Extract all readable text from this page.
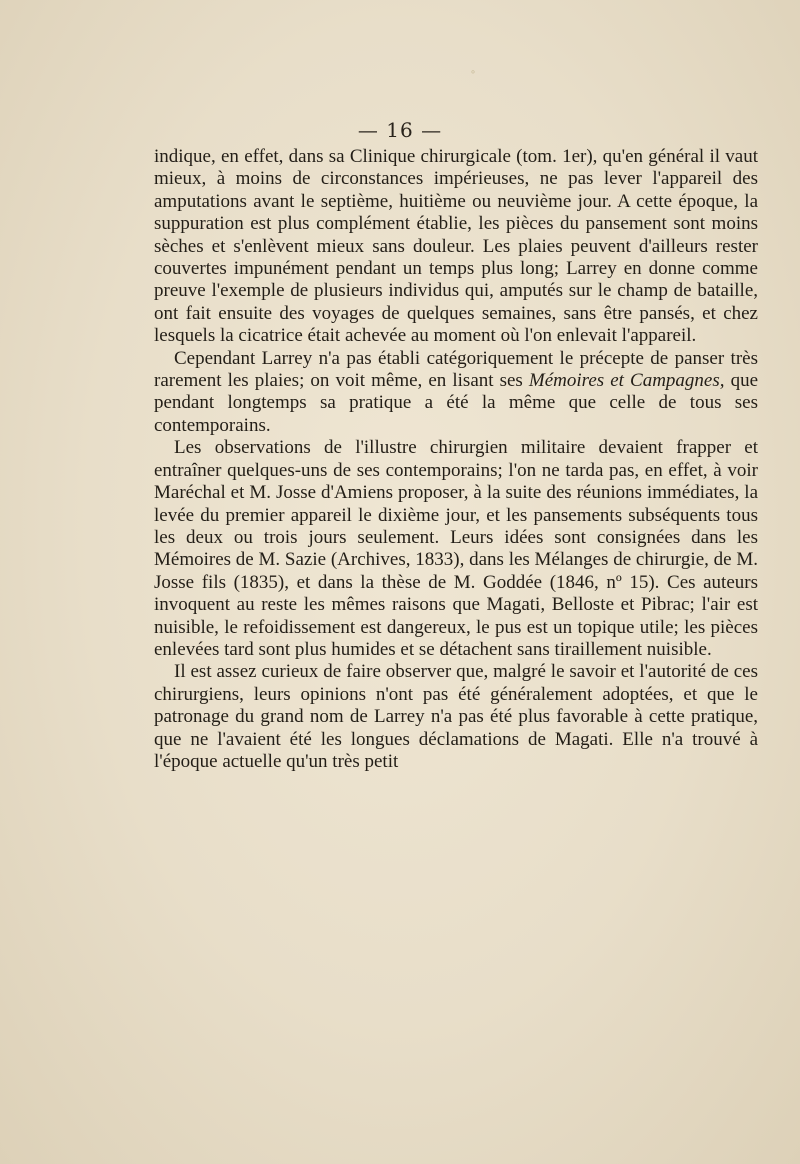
˚
— 16 —

indique, en effet, dans sa Clinique chirurgicale (tom. 1er), qu'en général il vaut mieux, à moins de circonstances impérieuses, ne pas lever l'appareil des amputations avant le septième, huitième ou neuvième jour. A cette époque, la suppuration est plus complément établie, les pièces du pansement sont moins sèches et s'enlèvent mieux sans douleur. Les plaies peuvent d'ailleurs rester couvertes impunément pendant un temps plus long; Larrey en donne comme preuve l'exemple de plusieurs individus qui, amputés sur le champ de bataille, ont fait ensuite des voyages de quelques semaines, sans être pansés, et chez lesquels la cicatrice était achevée au moment où l'on enlevait l'appareil.

Cependant Larrey n'a pas établi catégoriquement le précepte de panser très rarement les plaies; on voit même, en lisant ses Mémoires et Campagnes, que pendant longtemps sa pratique a été la même que celle de tous ses contemporains.

Les observations de l'illustre chirurgien militaire devaient frapper et entraîner quelques-uns de ses contemporains; l'on ne tarda pas, en effet, à voir Maréchal et M. Josse d'Amiens proposer, à la suite des réunions immédiates, la levée du premier appareil le dixième jour, et les pansements subséquents tous les deux ou trois jours seulement. Leurs idées sont consignées dans les Mémoires de M. Sazie (Archives, 1833), dans les Mélanges de chirurgie, de M. Josse fils (1835), et dans la thèse de M. Goddée (1846, nº 15). Ces auteurs invoquent au reste les mêmes raisons que Magati, Belloste et Pibrac; l'air est nuisible, le refoidissement est dangereux, le pus est un topique utile; les pièces enlevées tard sont plus humides et se détachent sans tiraillement nuisible.

Il est assez curieux de faire observer que, malgré le savoir et l'autorité de ces chirurgiens, leurs opinions n'ont pas été généralement adoptées, et que le patronage du grand nom de Larrey n'a pas été plus favorable à cette pratique, que ne l'avaient été les longues déclamations de Magati. Elle n'a trouvé à l'époque actuelle qu'un très petit
